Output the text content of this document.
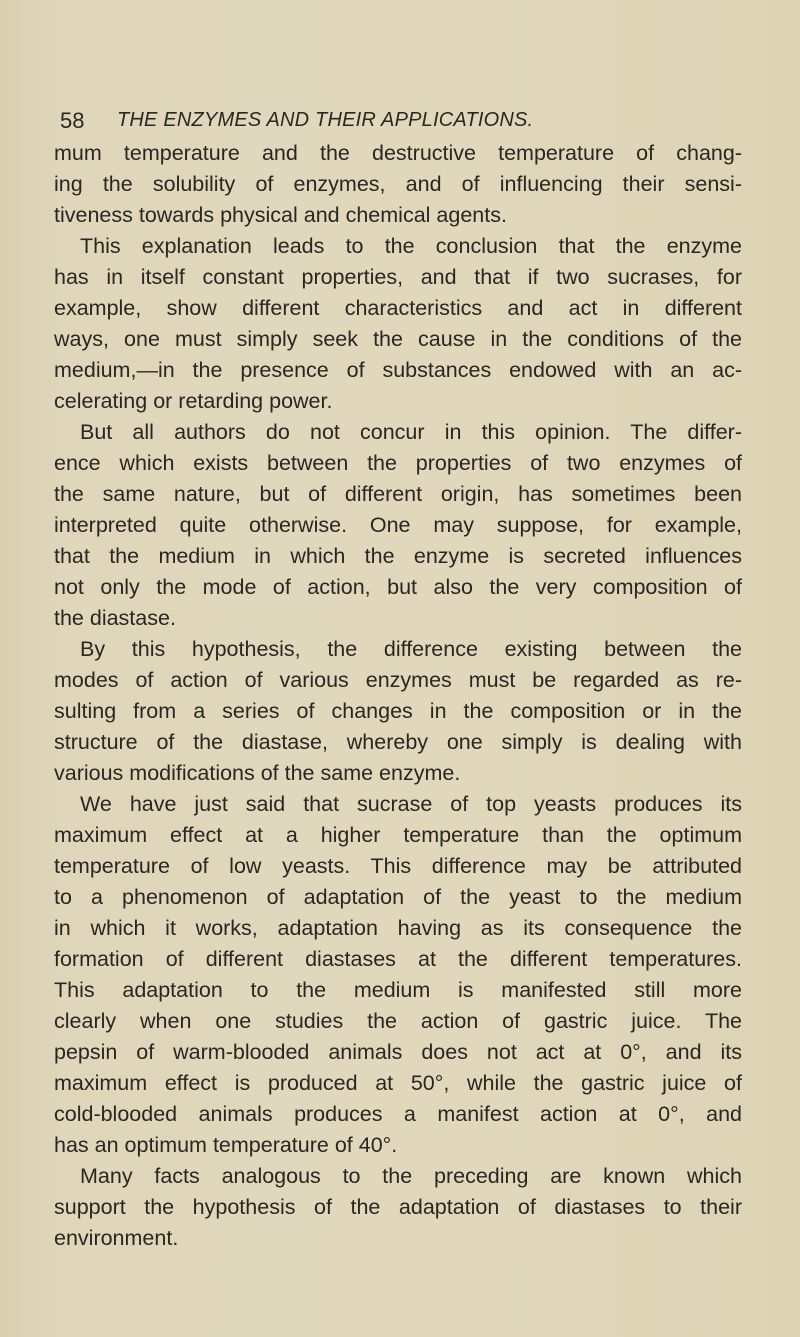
58 THE ENZYMES AND THEIR APPLICATIONS.
mum temperature and the destructive temperature of chang-
ing the solubility of enzymes, and of influencing their sensi-
tiveness towards physical and chemical agents.
This explanation leads to the conclusion that the enzyme
has in itself constant properties, and that if two sucrases, for
example, show different characteristics and act in different
ways, one must simply seek the cause in the conditions of the
medium,—in the presence of substances endowed with an ac-
celerating or retarding power.
But all authors do not concur in this opinion. The differ-
ence which exists between the properties of two enzymes of
the same nature, but of different origin, has sometimes been
interpreted quite otherwise. One may suppose, for example,
that the medium in which the enzyme is secreted influences
not only the mode of action, but also the very composition of
the diastase.
By this hypothesis, the difference existing between the
modes of action of various enzymes must be regarded as re-
sulting from a series of changes in the composition or in the
structure of the diastase, whereby one simply is dealing with
various modifications of the same enzyme.
We have just said that sucrase of top yeasts produces its
maximum effect at a higher temperature than the optimum
temperature of low yeasts. This difference may be attributed
to a phenomenon of adaptation of the yeast to the medium
in which it works, adaptation having as its consequence the
formation of different diastases at the different temperatures.
This adaptation to the medium is manifested still more
clearly when one studies the action of gastric juice. The
pepsin of warm-blooded animals does not act at 0°, and its
maximum effect is produced at 50°, while the gastric juice of
cold-blooded animals produces a manifest action at 0°, and
has an optimum temperature of 40°.
Many facts analogous to the preceding are known which
support the hypothesis of the adaptation of diastases to their
environment.
